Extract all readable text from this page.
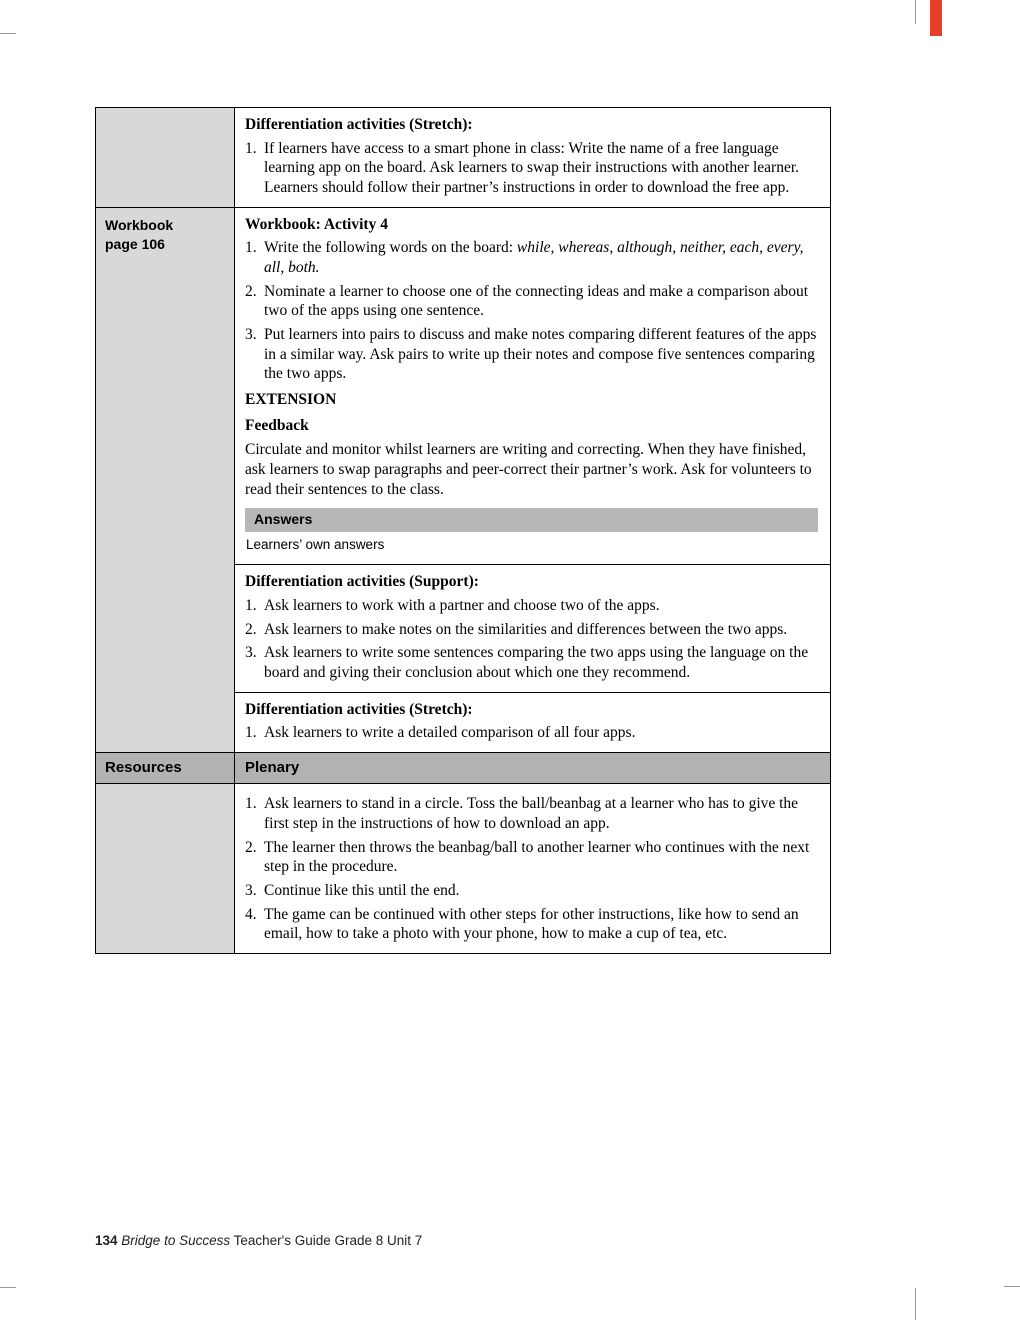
Differentiation activities (Stretch):
If learners have access to a smart phone in class: Write the name of a free language learning app on the board. Ask learners to swap their instructions with another learner. Learners should follow their partner’s instructions in order to download the free app.
Workbook
page 106
Workbook: Activity 4
Write the following words on the board: while, whereas, although, neither, each, every, all, both.
Nominate a learner to choose one of the connecting ideas and make a comparison about two of the apps using one sentence.
Put learners into pairs to discuss and make notes comparing different features of the apps in a similar way. Ask pairs to write up their notes and compose five sentences comparing the two apps.
EXTENSION
Feedback
Circulate and monitor whilst learners are writing and correcting. When they have finished, ask learners to swap paragraphs and peer-correct their partner’s work. Ask for volunteers to read their sentences to the class.
Answers
Learners’ own answers
Differentiation activities (Support):
Ask learners to work with a partner and choose two of the apps.
Ask learners to make notes on the similarities and differences between the two apps.
Ask learners to write some sentences comparing the two apps using the language on the board and giving their conclusion about which one they recommend.
Differentiation activities (Stretch):
Ask learners to write a detailed comparison of all four apps.
Resources	Plenary
Ask learners to stand in a circle. Toss the ball/beanbag at a learner who has to give the first step in the instructions of how to download an app.
The learner then throws the beanbag/ball to another learner who continues with the next step in the procedure.
Continue like this until the end.
The game can be continued with other steps for other instructions, like how to send an email, how to take a photo with your phone, how to make a cup of tea, etc.
134 Bridge to Success Teacher's Guide Grade 8 Unit 7
